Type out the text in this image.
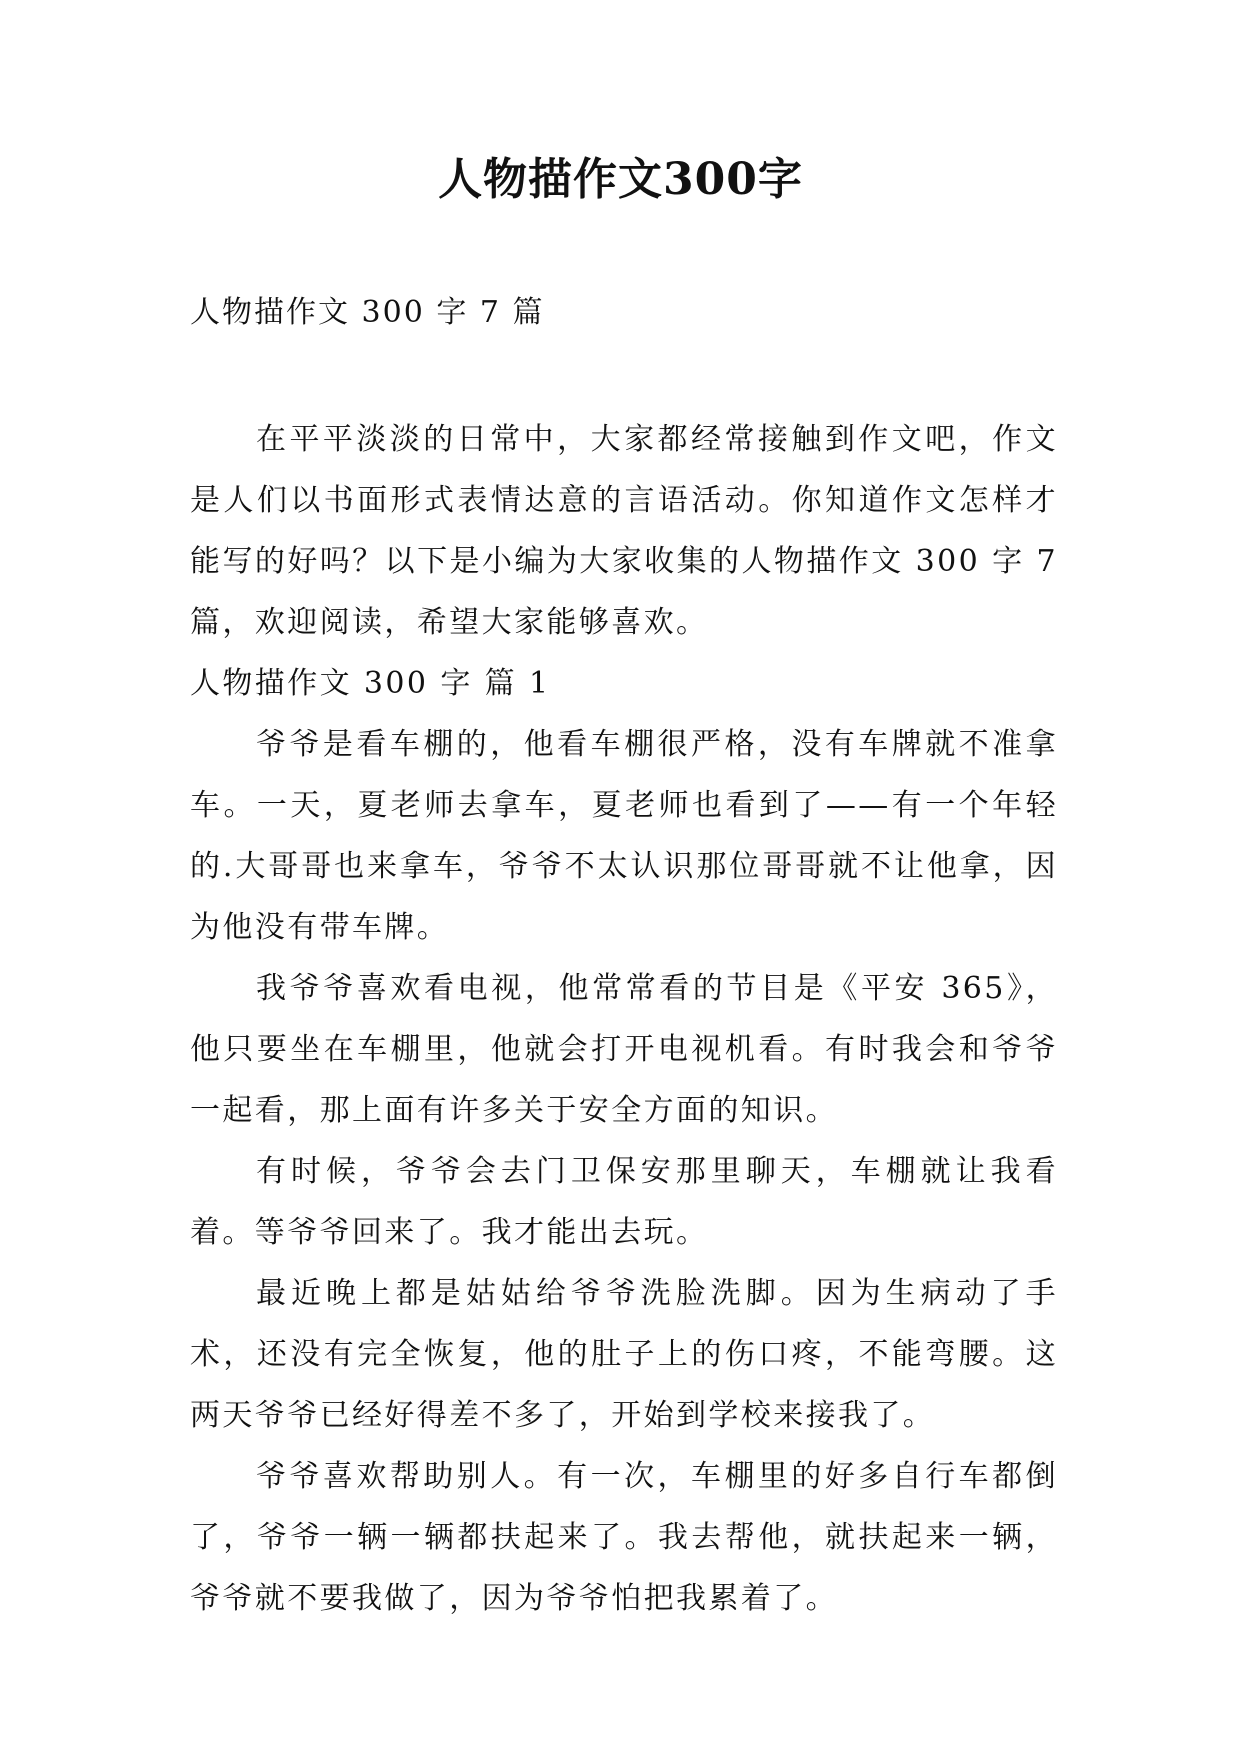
人物描作文300字
人物描作文 300 字 7 篇

在平平淡淡的日常中，大家都经常接触到作文吧，作文是人们以书面形式表情达意的言语活动。你知道作文怎样才能写的好吗？以下是小编为大家收集的人物描作文 300 字 7 篇，欢迎阅读，希望大家能够喜欢。

人物描作文 300 字 篇 1

爷爷是看车棚的，他看车棚很严格，没有车牌就不准拿车。一天，夏老师去拿车，夏老师也看到了——有一个年轻的.大哥哥也来拿车，爷爷不太认识那位哥哥就不让他拿，因为他没有带车牌。

我爷爷喜欢看电视，他常常看的节目是《平安 365》，他只要坐在车棚里，他就会打开电视机看。有时我会和爷爷一起看，那上面有许多关于安全方面的知识。

有时候，爷爷会去门卫保安那里聊天，车棚就让我看着。等爷爷回来了。我才能出去玩。

最近晚上都是姑姑给爷爷洗脸洗脚。因为生病动了手术，还没有完全恢复，他的肚子上的伤口疼，不能弯腰。这两天爷爷已经好得差不多了，开始到学校来接我了。

爷爷喜欢帮助别人。有一次，车棚里的好多自行车都倒了，爷爷一辆一辆都扶起来了。我去帮他，就扶起来一辆，爷爷就不要我做了，因为爷爷怕把我累着了。
